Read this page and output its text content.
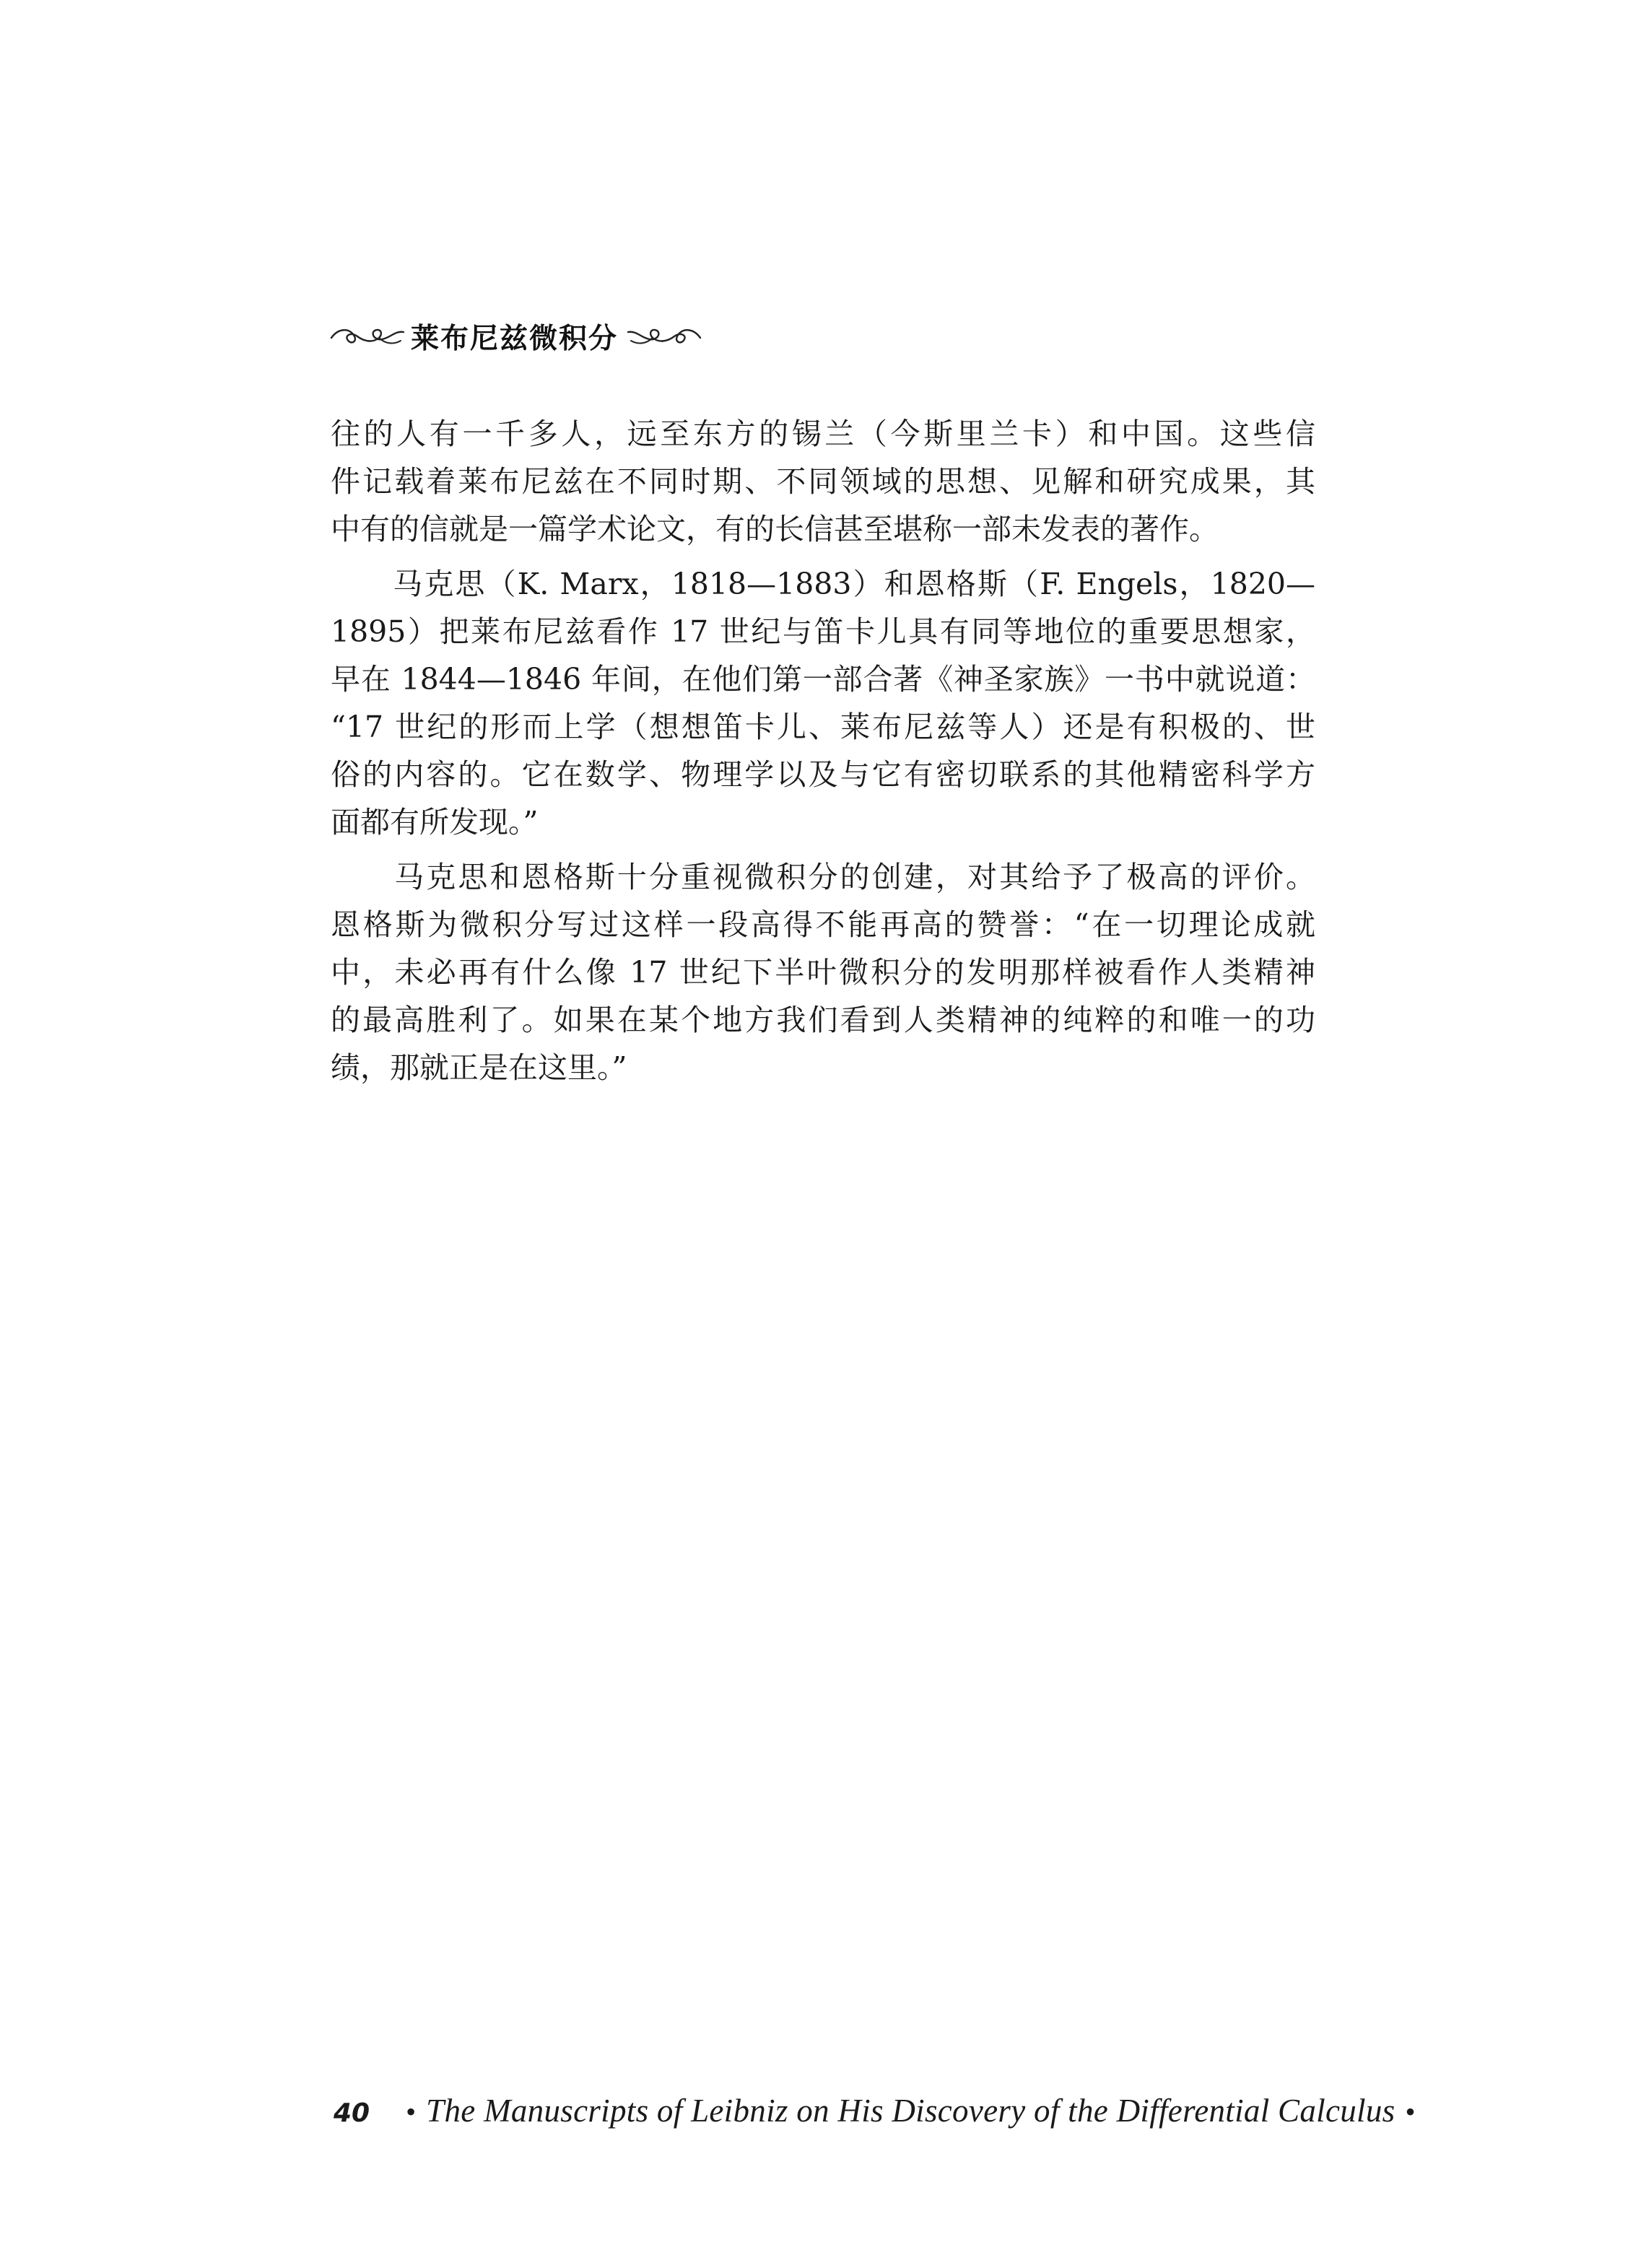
莱布尼兹微积分
往的人有一千多人，远至东方的锡兰（今斯里兰卡）和中国。这些信
件记载着莱布尼兹在不同时期、不同领域的思想、见解和研究成果，其
中有的信就是一篇学术论文，有的长信甚至堪称一部未发表的著作。
　　马克思（K. Marx，1818—1883）和恩格斯（F. Engels，1820—
1895）把莱布尼兹看作 17 世纪与笛卡儿具有同等地位的重要思想家，
早在 1844—1846 年间，在他们第一部合著《神圣家族》一书中就说道：
“17 世纪的形而上学（想想笛卡儿、莱布尼兹等人）还是有积极的、世
俗的内容的。它在数学、物理学以及与它有密切联系的其他精密科学方
面都有所发现。”
　　马克思和恩格斯十分重视微积分的创建，对其给予了极高的评价。
恩格斯为微积分写过这样一段高得不能再高的赞誉：“在一切理论成就
中，未必再有什么像 17 世纪下半叶微积分的发明那样被看作人类精神
的最高胜利了。如果在某个地方我们看到人类精神的纯粹的和唯一的功
绩，那就正是在这里。”
40 • The Manuscripts of Leibniz on His Discovery of the Differential Calculus •
